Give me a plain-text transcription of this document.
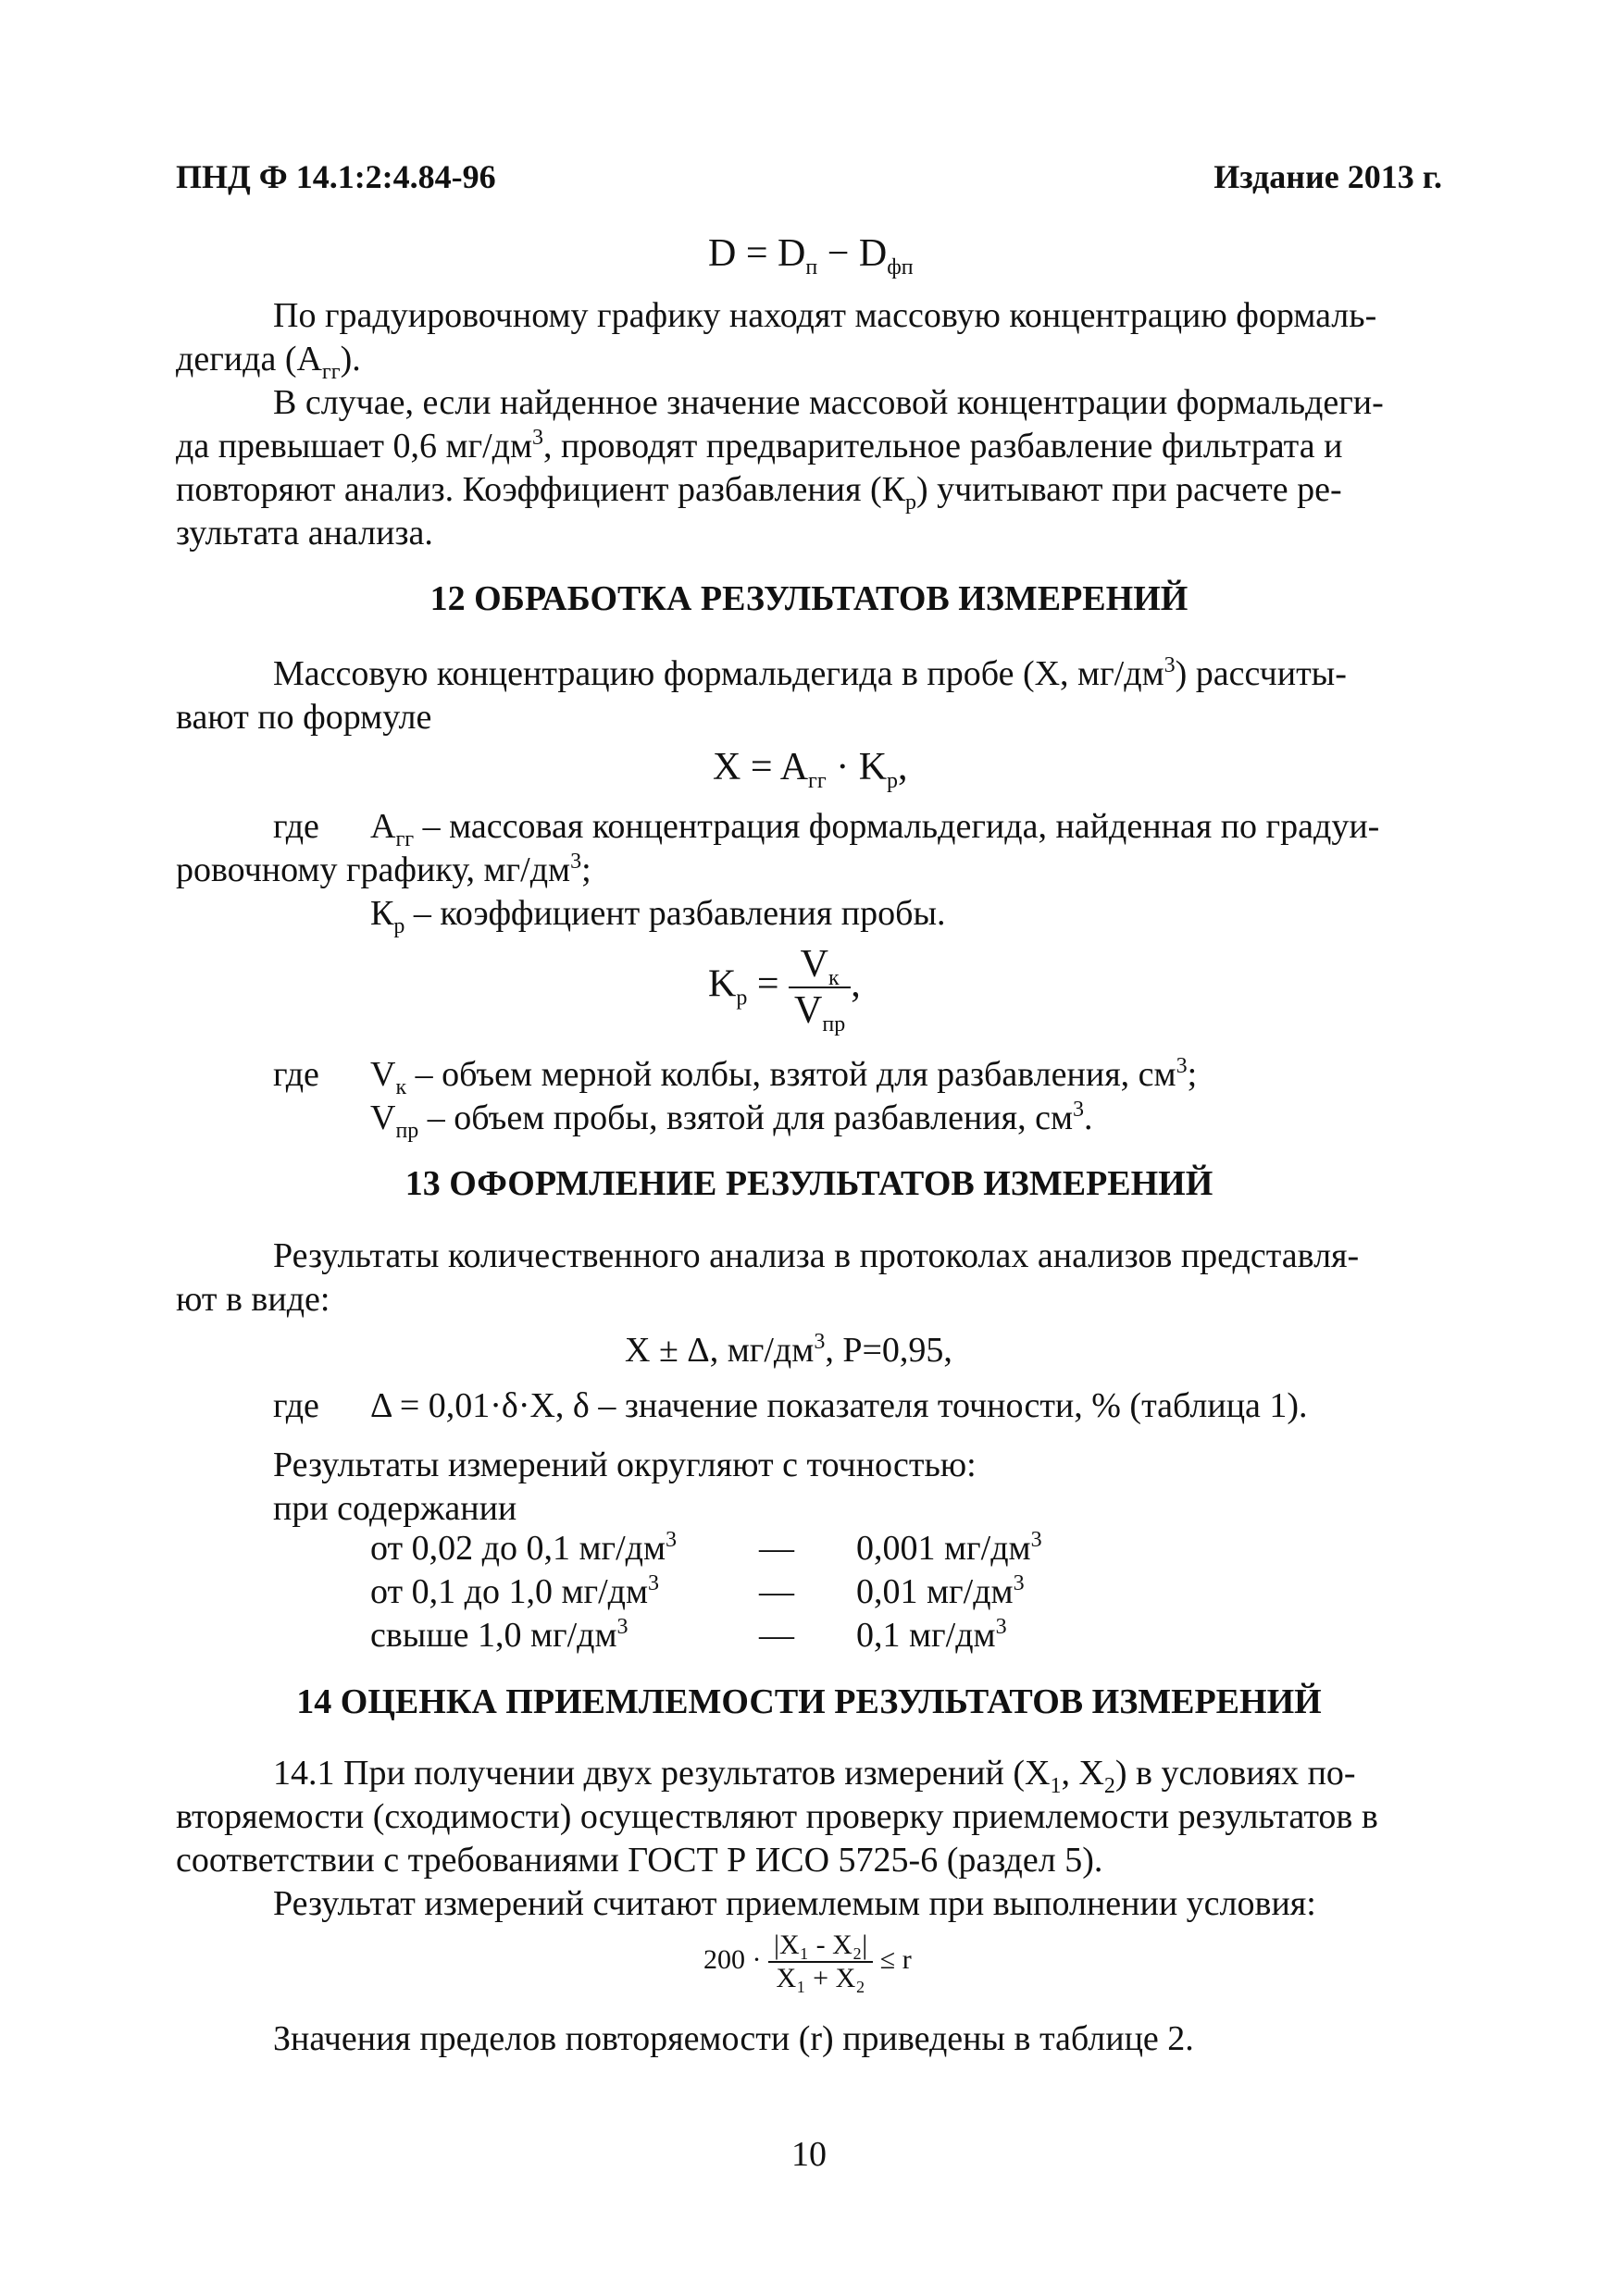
ПНД Ф 14.1:2:4.84-96	Издание 2013 г.
$D = D_п - D_{фп}$
По градуировочному графику находят массовую концентрацию формаль-
дегида $(А_{гг})$.
В случае, если найденное значение массовой концентрации формальдеги-
да превышает 0,6 $мг/дм^3$, проводят предварительное разбавление фильтрата и
повторяют анализ. Коэффициент разбавления $(К_р)$ учитывают при расчете ре-
зультата анализа.
12 ОБРАБОТКА РЕЗУЛЬТАТОВ ИЗМЕРЕНИЙ
Массовую концентрацию формальдегида в пробе (X, $мг/дм^3$) рассчиты-
вают по формуле
$X = A_{гг} \cdot K_р$,
где $А_{гг}$ – массовая концентрация формальдегида, найденная по градуи-
ровочному графику, $мг/дм^3$;
$К_р$ – коэффициент разбавления пробы.
$K_р = \frac{V_к}{V_{пр}}$ ,
где $V_к$ – объем мерной колбы, взятой для разбавления, $см^3$;
$V_{пр}$ – объем пробы, взятой для разбавления, $см^3$.
13 ОФОРМЛЕНИЕ РЕЗУЛЬТАТОВ ИЗМЕРЕНИЙ
Результаты количественного анализа в протоколах анализов представля-
ют в виде:
X ± Δ, $мг/дм^3$, Р=0,95,
где Δ = 0,01·δ·X, δ – значение показателя точности, % (таблица 1).
Результаты измерений округляют с точностью:
при содержании
от 0,02 до 0,1 $мг/дм^3$ — 0,001 $мг/дм^3$
от 0,1 до 1,0 $мг/дм^3$	— 0,01 $мг/дм^3$
свыше 1,0 $мг/дм^3$	— 0,1 $мг/дм^3$
14 ОЦЕНКА ПРИЕМЛЕМОСТИ РЕЗУЛЬТАТОВ ИЗМЕРЕНИЙ
14.1 При получении двух результатов измерений ($X_1$, $X_2$) в условиях по-
вторяемости (сходимости) осуществляют проверку приемлемости результатов в
соответствии с требованиями ГОСТ Р ИСО 5725-6 (раздел 5).
Результат измерений считают приемлемым при выполнении условия:
$200 \cdot \frac{\text{|X₁ - X₂|}}{\text{X₁ + X₂}} \le r$
Значения пределов повторяемости (r) приведены в таблице 2.
10
